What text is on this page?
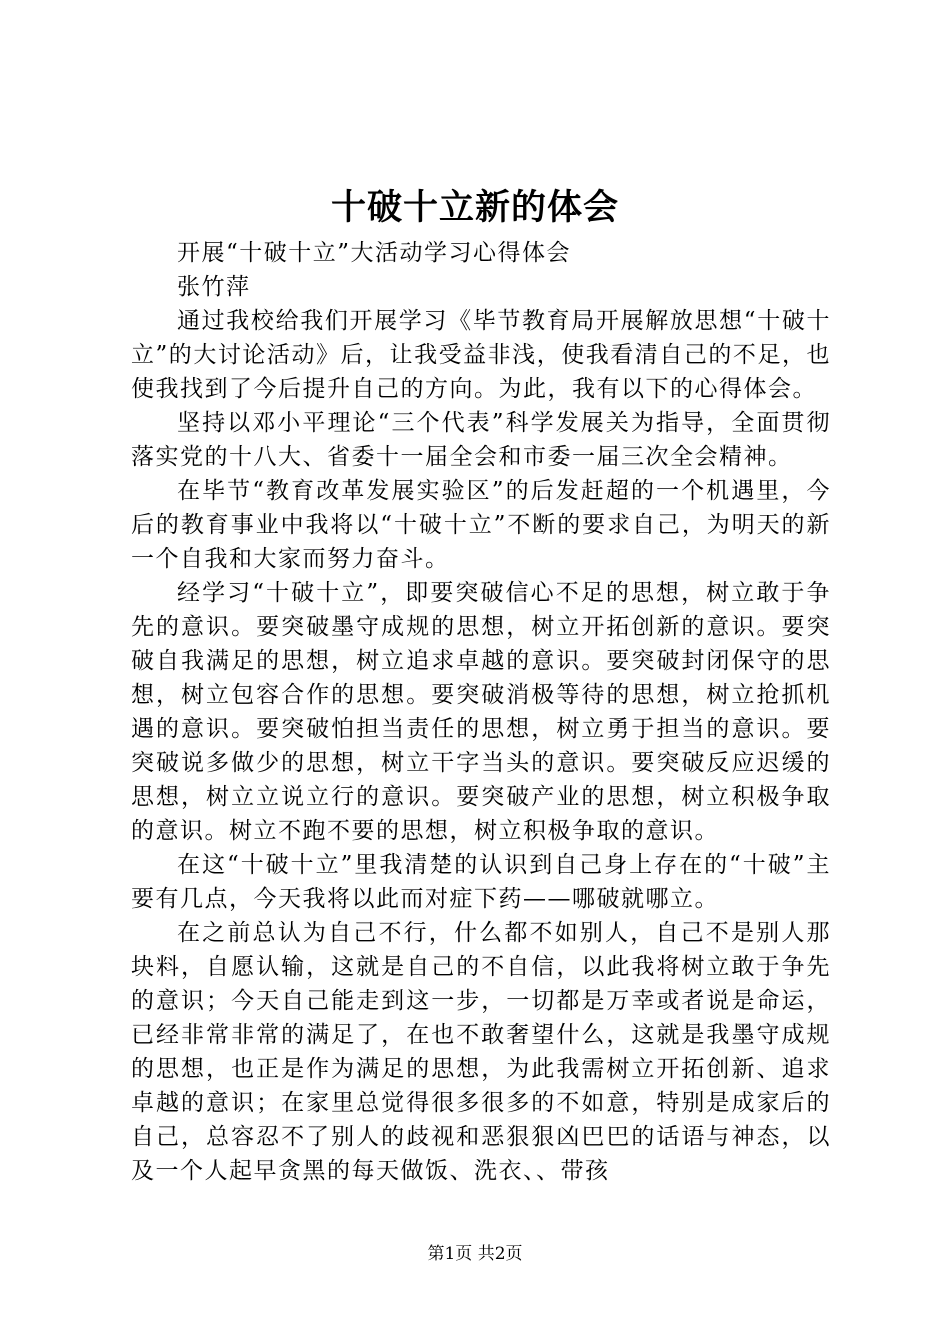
十破十立新的体会

开展“十破十立”大活动学习心得体会

张竹萍

通过我校给我们开展学习《毕节教育局开展解放思想“十破十立”的大讨论活动》后，让我受益非浅，使我看清自己的不足，也使我找到了今后提升自己的方向。为此，我有以下的心得体会。

坚持以邓小平理论“三个代表”科学发展关为指导，全面贯彻落实党的十八大、省委十一届全会和市委一届三次全会精神。

在毕节“教育改革发展实验区”的后发赶超的一个机遇里，今后的教育事业中我将以“十破十立”不断的要求自己，为明天的新一个自我和大家而努力奋斗。

经学习“十破十立”，即要突破信心不足的思想，树立敢于争先的意识。要突破墨守成规的思想，树立开拓创新的意识。要突破自我满足的思想，树立追求卓越的意识。要突破封闭保守的思想，树立包容合作的思想。要突破消极等待的思想，树立抢抓机遇的意识。要突破怕担当责任的思想，树立勇于担当的意识。要突破说多做少的思想，树立干字当头的意识。要突破反应迟缓的思想，树立立说立行的意识。要突破产业的思想，树立积极争取的意识。树立不跑不要的思想，树立积极争取的意识。

在这“十破十立”里我清楚的认识到自己身上存在的“十破”主要有几点，今天我将以此而对症下药——哪破就哪立。

在之前总认为自己不行，什么都不如别人，自己不是别人那块料，自愿认输，这就是自己的不自信，以此我将树立敢于争先的意识；今天自己能走到这一步，一切都是万幸或者说是命运，已经非常非常的满足了，在也不敢奢望什么，这就是我墨守成规的思想，也正是作为满足的思想，为此我需树立开拓创新、追求卓越的意识；在家里总觉得很多很多的不如意，特别是成家后的自己，总容忍不了别人的歧视和恶狠狠凶巴巴的话语与神态，以及一个人起早贪黑的每天做饭、洗衣、、带孩

第1页 共2页
